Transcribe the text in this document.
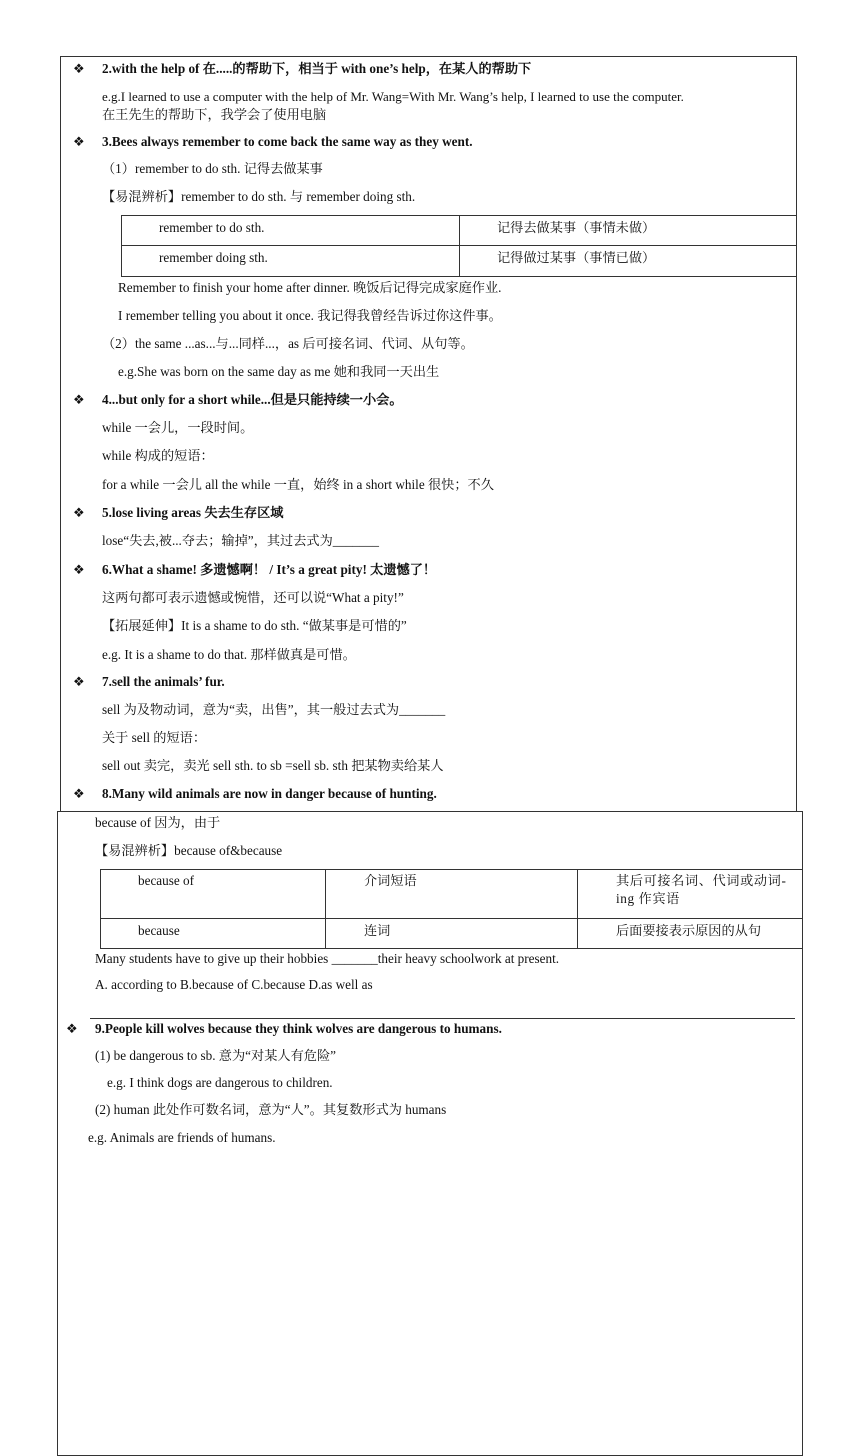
❖ 2.with the help of 在.....的帮助下，相当于 with one’s help，在某人的帮助下
e.g.I learned to use a computer with the help of Mr. Wang=With Mr. Wang’s help, I learned to use the computer.
在王先生的帮助下，我学会了使用电脑
❖ 3.Bees always remember to come back the same way as they went.
（1）remember to do sth. 记得去做某事
【易混辨析】remember to do sth. 与 remember doing sth.
remember to do sth.	记得去做某事（事情未做）
remember doing sth.	记得做过某事（事情已做）
Remember to finish your home after dinner. 晚饭后记得完成家庭作业.
I remember telling you about it once. 我记得我曾经告诉过你这件事。
（2）the same ...as...与...同样...，as 后可接名词、代词、从句等。
e.g.She was born on the same day as me 她和我同一天出生
❖ 4...but only for a short while...但是只能持续一小会。
while 一会儿，一段时间。
while 构成的短语：
for a while 一会儿 all the while 一直，始终 in a short while 很快；不久
❖ 5.lose living areas 失去生存区域
lose“失去,被...夺去；输掉”，其过去式为_______
❖ 6.What a shame! 多遗憾啊！ / It’s a great pity! 太遗憾了！
这两句都可表示遗憾或惋惜，还可以说“What a pity!”
【拓展延伸】It is a shame to do sth. “做某事是可惜的”
e.g. It is a shame to do that. 那样做真是可惜。
❖ 7.sell the animals’ fur.
sell 为及物动词，意为“卖，出售”，其一般过去式为_______
关于 sell 的短语：
sell out 卖完，卖光 sell sth. to sb =sell sb. sth 把某物卖给某人
❖ 8.Many wild animals are now in danger because of hunting.
because of 因为，由于
【易混辨析】because of&because
because of	介词短语	其后可接名词、代词或动词-ing 作宾语
because	连词	后面要接表示原因的从句
Many students have to give up their hobbies _______their heavy schoolwork at present.
A. according to B.because of C.because D.as well as
❖ 9.People kill wolves because they think wolves are dangerous to humans.
(1) be dangerous to sb. 意为“对某人有危险”
e.g. I think dogs are dangerous to children.
(2) human 此处作可数名词，意为“人”。其复数形式为 humans
e.g. Animals are friends of humans.
